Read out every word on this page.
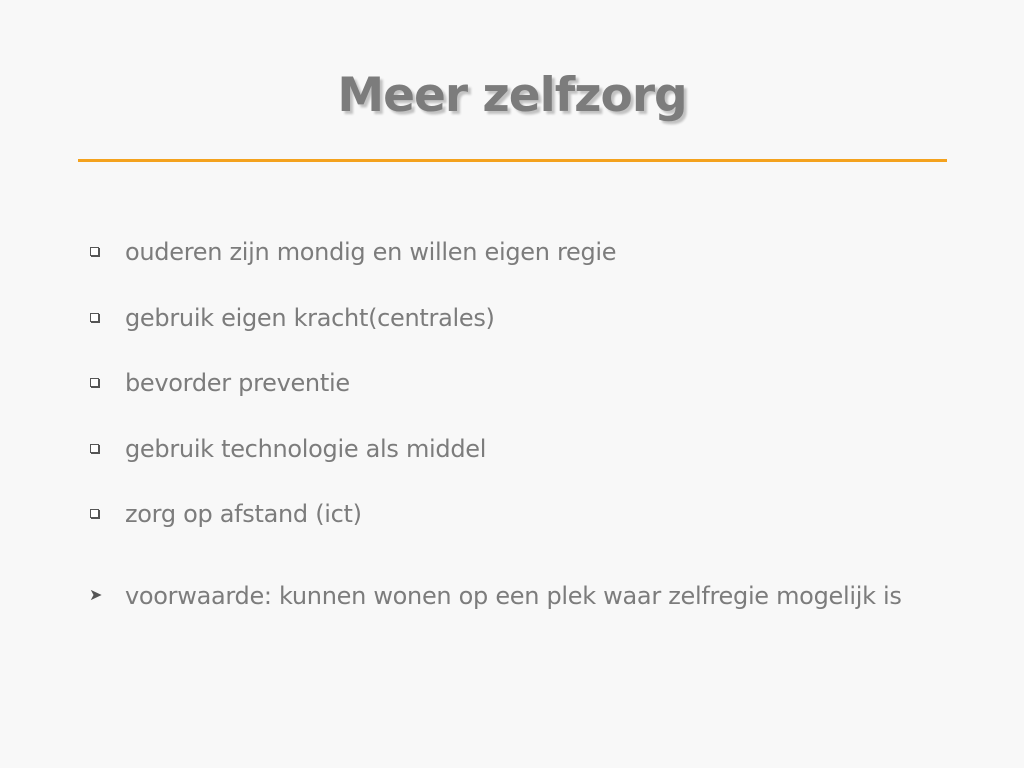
Meer zelfzorg
ouderen zijn mondig en willen eigen regie
gebruik eigen kracht(centrales)
bevorder preventie
gebruik technologie als middel
zorg op afstand (ict)
➤ voorwaarde: kunnen wonen op een plek waar zelfregie mogelijk is
